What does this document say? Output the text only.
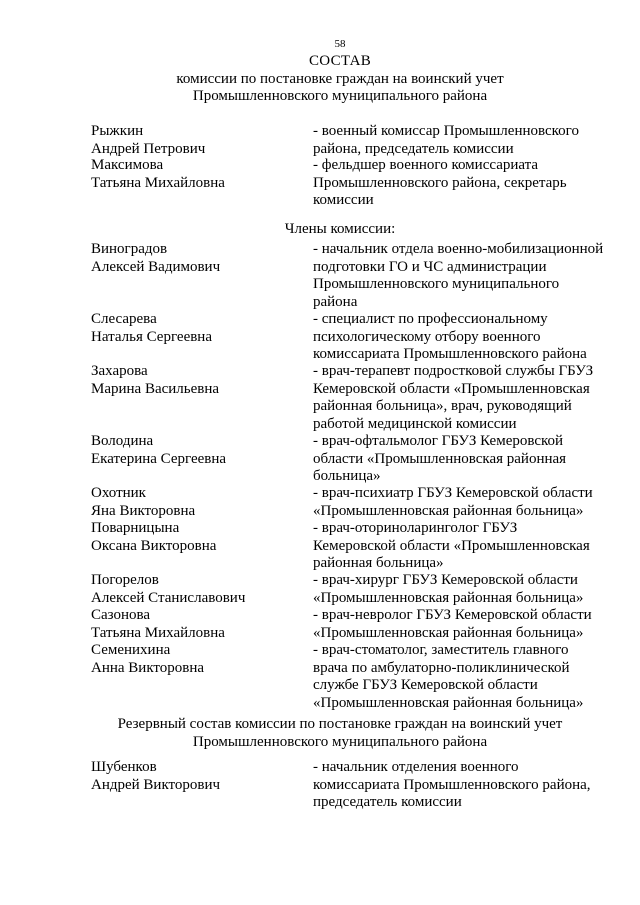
58
СОСТАВ
комиссии по постановке граждан на воинский учет
Промышленновского муниципального района
Рыжкин
Андрей Петрович
- военный комиссар Промышленновского
района, председатель комиссии
Максимова
Татьяна Михайловна
- фельдшер военного комиссариата
Промышленновского района, секретарь
комиссии
Члены комиссии:
Виноградов
Алексей Вадимович
- начальник отдела военно-мобилизационной
подготовки ГО и ЧС администрации
Промышленновского муниципального
района
Слесарева
Наталья Сергеевна
- специалист по профессиональному
психологическому отбору военного
комиссариата Промышленновского района
Захарова
Марина Васильевна
- врач-терапевт подростковой службы ГБУЗ
Кемеровской области «Промышленновская
районная больница», врач, руководящий
работой медицинской комиссии
Володина
Екатерина Сергеевна
- врач-офтальмолог ГБУЗ Кемеровской
области «Промышленновская районная
больница»
Охотник
Яна Викторовна
- врач-психиатр ГБУЗ Кемеровской области
«Промышленновская районная больница»
Поварницына
Оксана Викторовна
- врач-оториноларинголог ГБУЗ
Кемеровской области «Промышленновская
районная больница»
Погорелов
Алексей Станиславович
- врач-хирург ГБУЗ Кемеровской области
«Промышленновская районная больница»
Сазонова
Татьяна Михайловна
- врач-невролог ГБУЗ Кемеровской области
«Промышленновская районная больница»
Семенихина
Анна Викторовна
- врач-стоматолог, заместитель главного
врача по амбулаторно-поликлинической
службе ГБУЗ Кемеровской области
«Промышленновская районная больница»
Резервный состав комиссии по постановке граждан на воинский учет
Промышленновского муниципального района
Шубенков
Андрей Викторович
- начальник отделения военного
комиссариата Промышленновского района,
председатель комиссии
